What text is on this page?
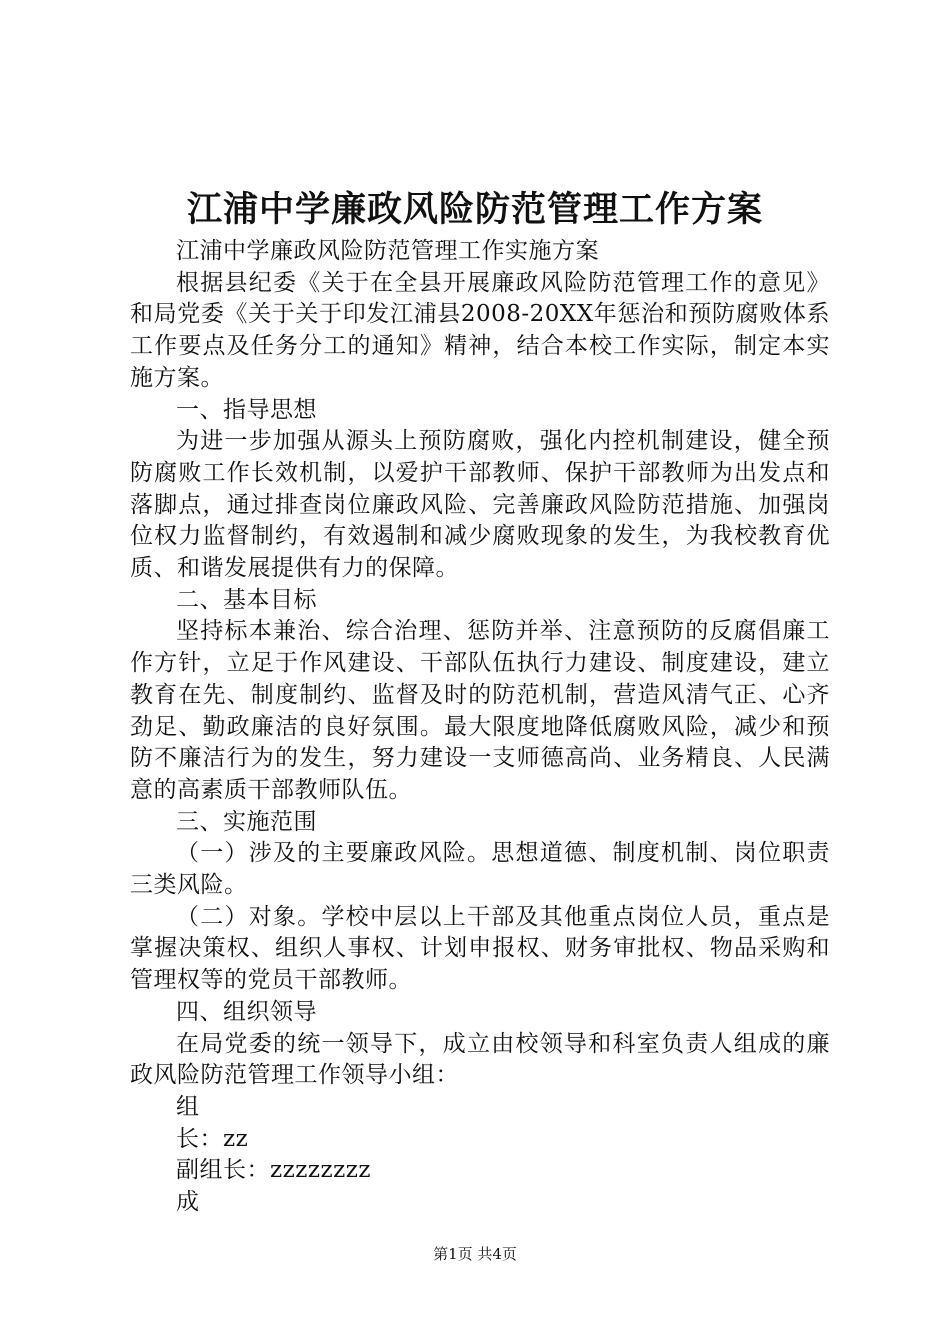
江浦中学廉政风险防范管理工作方案

江浦中学廉政风险防范管理工作实施方案

根据县纪委《关于在全县开展廉政风险防范管理工作的意见》和局党委《关于关于印发江浦县2008-20XX年惩治和预防腐败体系工作要点及任务分工的通知》精神，结合本校工作实际，制定本实施方案。

一、指导思想

为进一步加强从源头上预防腐败，强化内控机制建设，健全预防腐败工作长效机制，以爱护干部教师、保护干部教师为出发点和落脚点，通过排查岗位廉政风险、完善廉政风险防范措施、加强岗位权力监督制约，有效遏制和减少腐败现象的发生，为我校教育优质、和谐发展提供有力的保障。

二、基本目标

坚持标本兼治、综合治理、惩防并举、注意预防的反腐倡廉工作方针，立足于作风建设、干部队伍执行力建设、制度建设，建立教育在先、制度制约、监督及时的防范机制，营造风清气正、心齐劲足、勤政廉洁的良好氛围。最大限度地降低腐败风险，减少和预防不廉洁行为的发生，努力建设一支师德高尚、业务精良、人民满意的高素质干部教师队伍。

三、实施范围

（一）涉及的主要廉政风险。思想道德、制度机制、岗位职责三类风险。

（二）对象。学校中层以上干部及其他重点岗位人员，重点是掌握决策权、组织人事权、计划申报权、财务审批权、物品采购和管理权等的党员干部教师。

四、组织领导

在局党委的统一领导下，成立由校领导和科室负责人组成的廉政风险防范管理工作领导小组：

组

长：zz

副组长：zzzzzzzz

成

第1页 共4页
